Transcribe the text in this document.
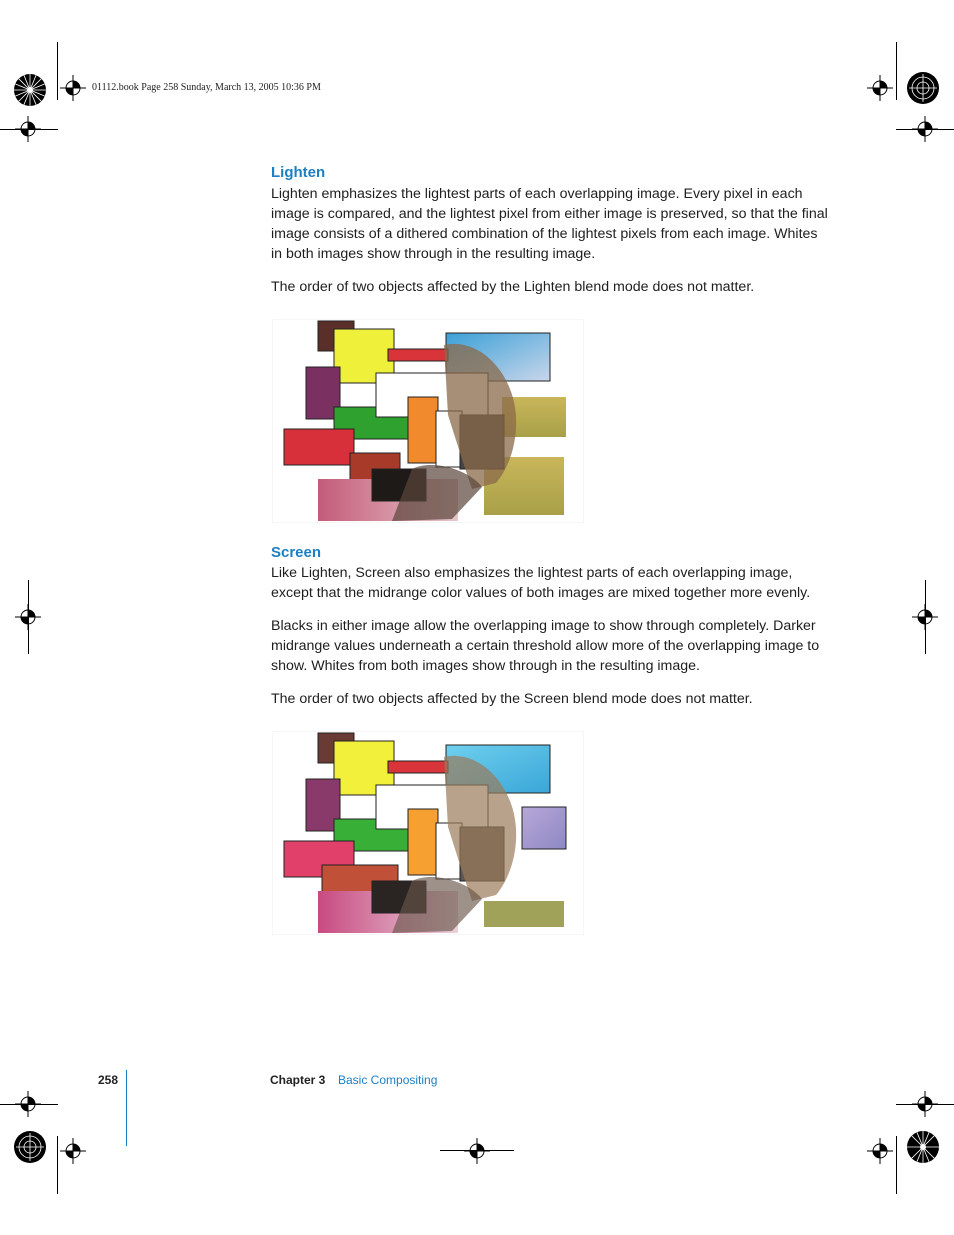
01112.book Page 258 Sunday, March 13, 2005 10:36 PM
Lighten
Lighten emphasizes the lightest parts of each overlapping image. Every pixel in each image is compared, and the lightest pixel from either image is preserved, so that the final image consists of a dithered combination of the lightest pixels from each image. Whites in both images show through in the resulting image.
The order of two objects affected by the Lighten blend mode does not matter.
Screen
Like Lighten, Screen also emphasizes the lightest parts of each overlapping image, except that the midrange color values of both images are mixed together more evenly.
Blacks in either image allow the overlapping image to show through completely. Darker midrange values underneath a certain threshold allow more of the overlapping image to show. Whites from both images show through in the resulting image.
The order of two objects affected by the Screen blend mode does not matter.
258	Chapter 3 Basic Compositing
